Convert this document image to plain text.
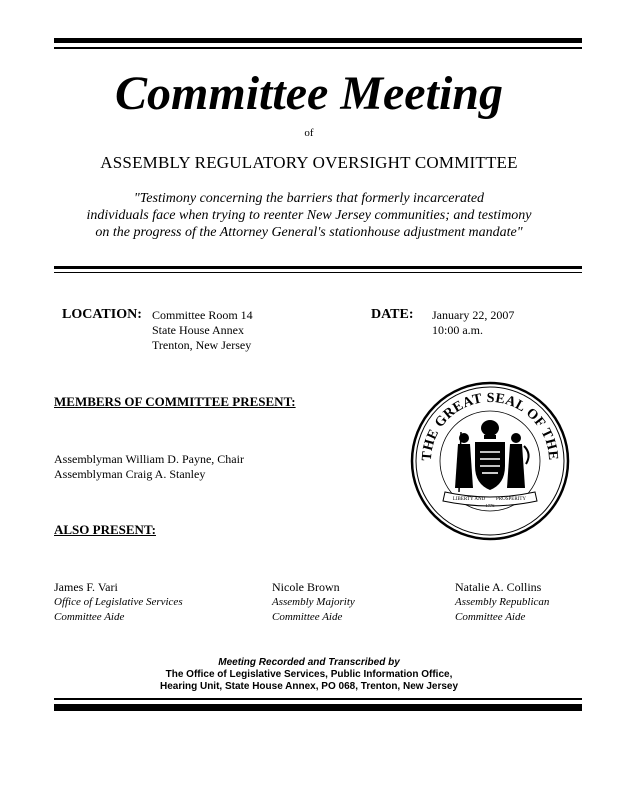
Committee Meeting
of
ASSEMBLY REGULATORY OVERSIGHT COMMITTEE
"Testimony concerning the barriers that formerly incarcerated
individuals face when trying to reenter New Jersey communities; and testimony
on the progress of the Attorney General's stationhouse adjustment mandate"
LOCATION: Committee Room 14
State House Annex
Trenton, New Jersey
DATE: January 22, 2007
10:00 a.m.
MEMBERS OF COMMITTEE PRESENT:
Assemblyman William D. Payne, Chair
Assemblyman Craig A. Stanley
THE GREAT SEAL OF THE
LIBERTY AND PROSPERITY
1776
ALSO PRESENT:
James F. Vari
Office of Legislative Services
Committee Aide
Nicole Brown
Assembly Majority
Committee Aide
Natalie A. Collins
Assembly Republican
Committee Aide
Meeting Recorded and Transcribed by
The Office of Legislative Services, Public Information Office,
Hearing Unit, State House Annex, PO 068, Trenton, New Jersey
